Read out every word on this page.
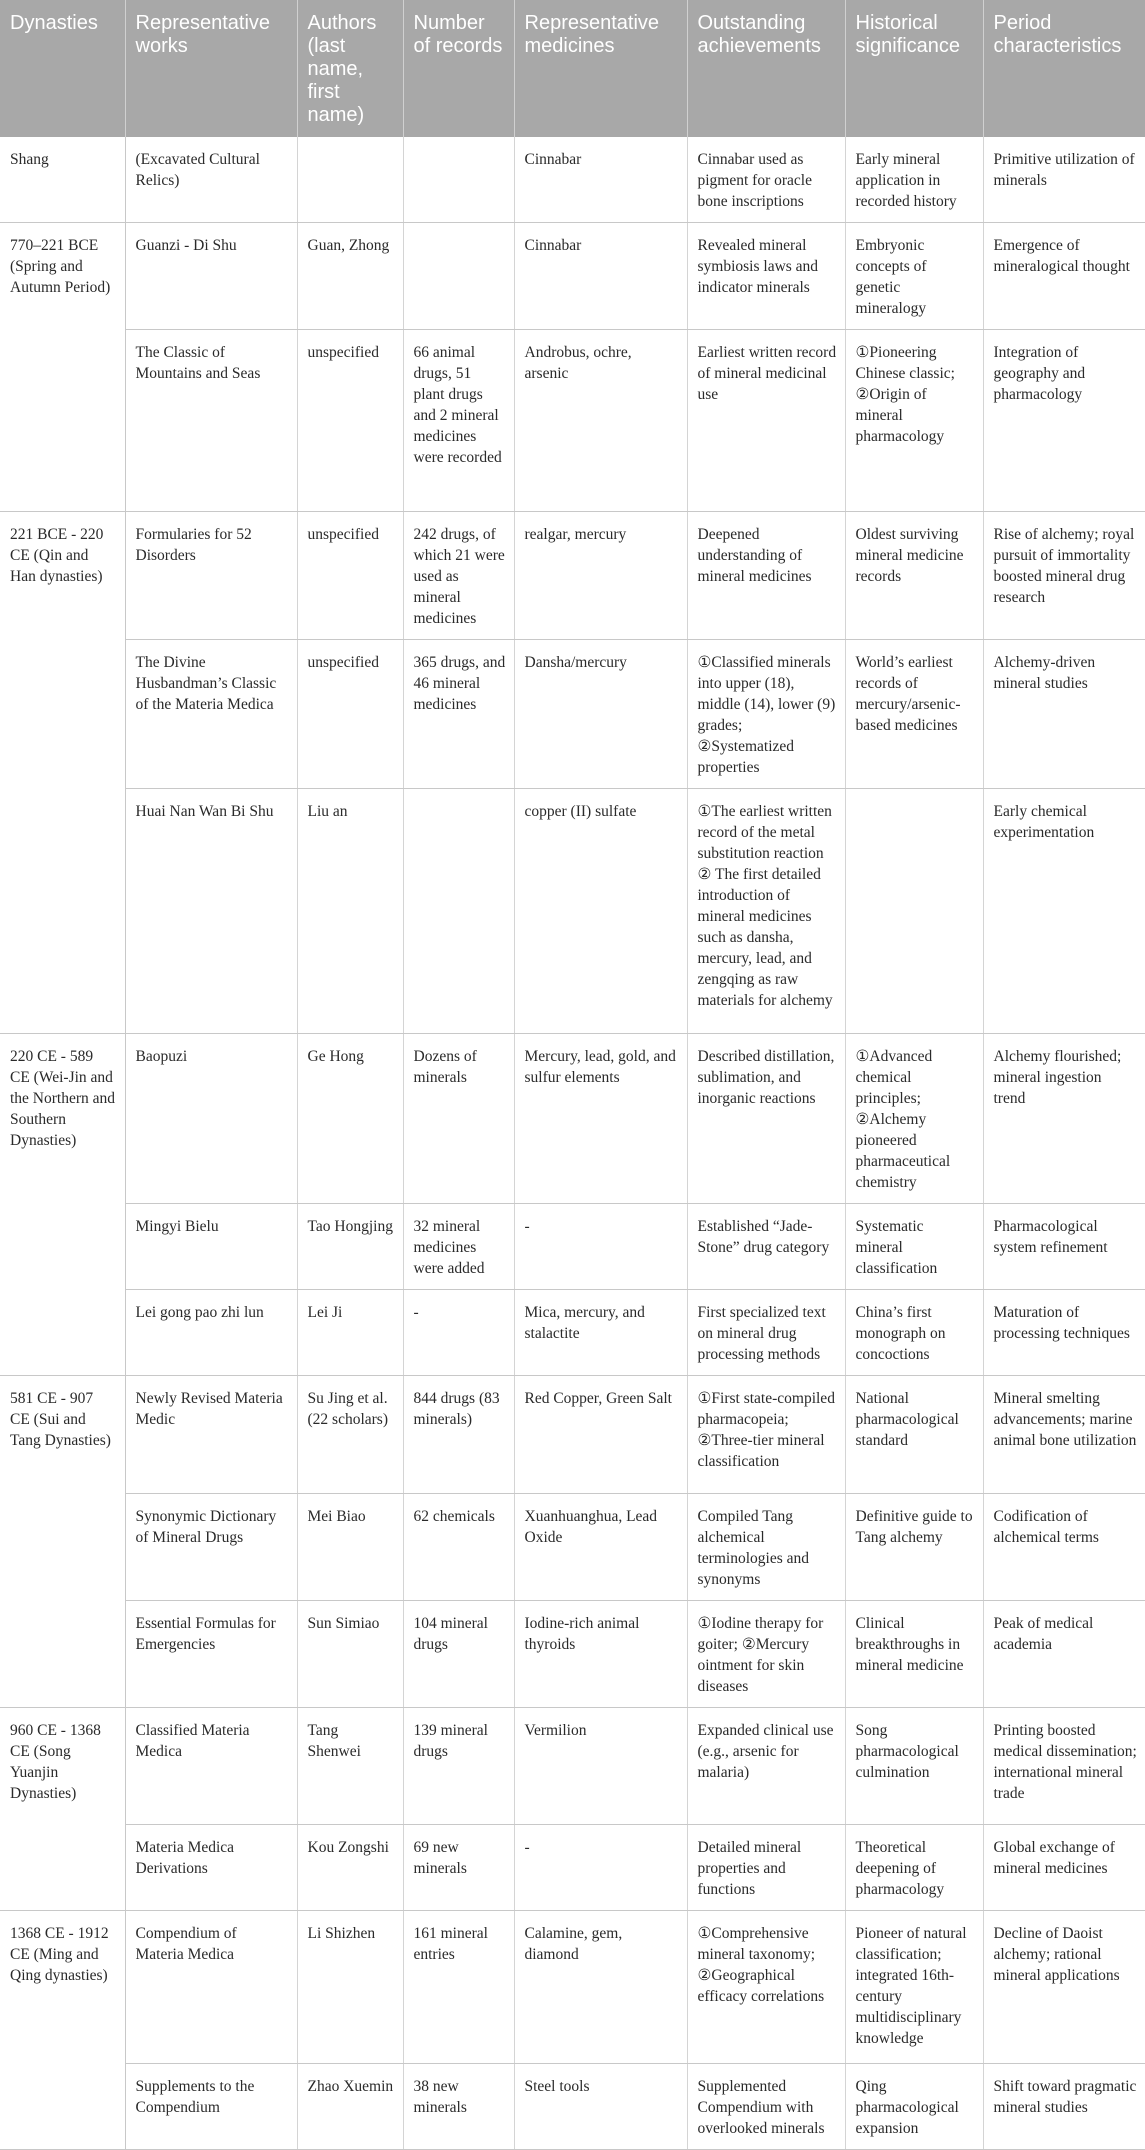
Dynasties	Representative works	Authors (last name, first name)	Number of records	Representative medicines	Outstanding achievements	Historical significance	Period characteristics
Shang	(Excavated Cultural Relics)			Cinnabar	Cinnabar used as pigment for oracle bone inscriptions	Early mineral application in recorded history	Primitive utilization of minerals
770–221 BCE (Spring and Autumn Period)	Guanzi - Di Shu	Guan, Zhong		Cinnabar	Revealed mineral symbiosis laws and indicator minerals	Embryonic concepts of genetic mineralogy	Emergence of mineralogical thought
	The Classic of Mountains and Seas	unspecified	66 animal drugs, 51 plant drugs and 2 mineral medicines were recorded	Androbus, ochre, arsenic	Earliest written record of mineral medicinal use	①Pioneering Chinese classic; ②Origin of mineral pharmacology	Integration of geography and pharmacology
221 BCE - 220 CE (Qin and Han dynasties)	Formularies for 52 Disorders	unspecified	242 drugs, of which 21 were used as mineral medicines	realgar, mercury	Deepened understanding of mineral medicines	Oldest surviving mineral medicine records	Rise of alchemy; royal pursuit of immortality boosted mineral drug research
	The Divine Husbandman’s Classic of the Materia Medica	unspecified	365 drugs, and 46 mineral medicines	Dansha/mercury	①Classified minerals into upper (18), middle (14), lower (9) grades; ②Systematized properties	World’s earliest records of mercury/arsenic-based medicines	Alchemy-driven mineral studies
	Huai Nan Wan Bi Shu	Liu an		copper (II) sulfate	①The earliest written record of the metal substitution reaction ② The first detailed introduction of mineral medicines such as dansha, mercury, lead, and zengqing as raw materials for alchemy		Early chemical experimentation
220 CE - 589 CE (Wei-Jin and the Northern and Southern Dynasties)	Baopuzi	Ge Hong	Dozens of minerals	Mercury, lead, gold, and sulfur elements	Described distillation, sublimation, and inorganic reactions	①Advanced chemical principles; ②Alchemy pioneered pharmaceutical chemistry	Alchemy flourished; mineral ingestion trend
	Mingyi Bielu	Tao Hongjing	32 mineral medicines were added	-	Established “Jade-Stone” drug category	Systematic mineral classification	Pharmacological system refinement
	Lei gong pao zhi lun	Lei Ji	-	Mica, mercury, and stalactite	First specialized text on mineral drug processing methods	China’s first monograph on concoctions	Maturation of processing techniques
581 CE - 907 CE (Sui and Tang Dynasties)	Newly Revised Materia Medic	Su Jing et al. (22 scholars)	844 drugs (83 minerals)	Red Copper, Green Salt	①First state-compiled pharmacopeia; ②Three-tier mineral classification	National pharmacological standard	Mineral smelting advancements; marine animal bone utilization
	Synonymic Dictionary of Mineral Drugs	Mei Biao	62 chemicals	Xuanhuanghua, Lead Oxide	Compiled Tang alchemical terminologies and synonyms	Definitive guide to Tang alchemy	Codification of alchemical terms
	Essential Formulas for Emergencies	Sun Simiao	104 mineral drugs	Iodine-rich animal thyroids	①Iodine therapy for goiter; ②Mercury ointment for skin diseases	Clinical breakthroughs in mineral medicine	Peak of medical academia
960 CE - 1368 CE (Song Yuanjin Dynasties)	Classified Materia Medica	Tang Shenwei	139 mineral drugs	Vermilion	Expanded clinical use (e.g., arsenic for malaria)	Song pharmacological culmination	Printing boosted medical dissemination; international mineral trade
	Materia Medica Derivations	Kou Zongshi	69 new minerals	-	Detailed mineral properties and functions	Theoretical deepening of pharmacology	Global exchange of mineral medicines
1368 CE - 1912 CE (Ming and Qing dynasties)	Compendium of Materia Medica	Li Shizhen	161 mineral entries	Calamine, gem, diamond	①Comprehensive mineral taxonomy; ②Geographical efficacy correlations	Pioneer of natural classification; integrated 16th-century multidisciplinary knowledge	Decline of Daoist alchemy; rational mineral applications
	Supplements to the Compendium	Zhao Xuemin	38 new minerals	Steel tools	Supplemented Compendium with overlooked minerals	Qing pharmacological expansion	Shift toward pragmatic mineral studies
